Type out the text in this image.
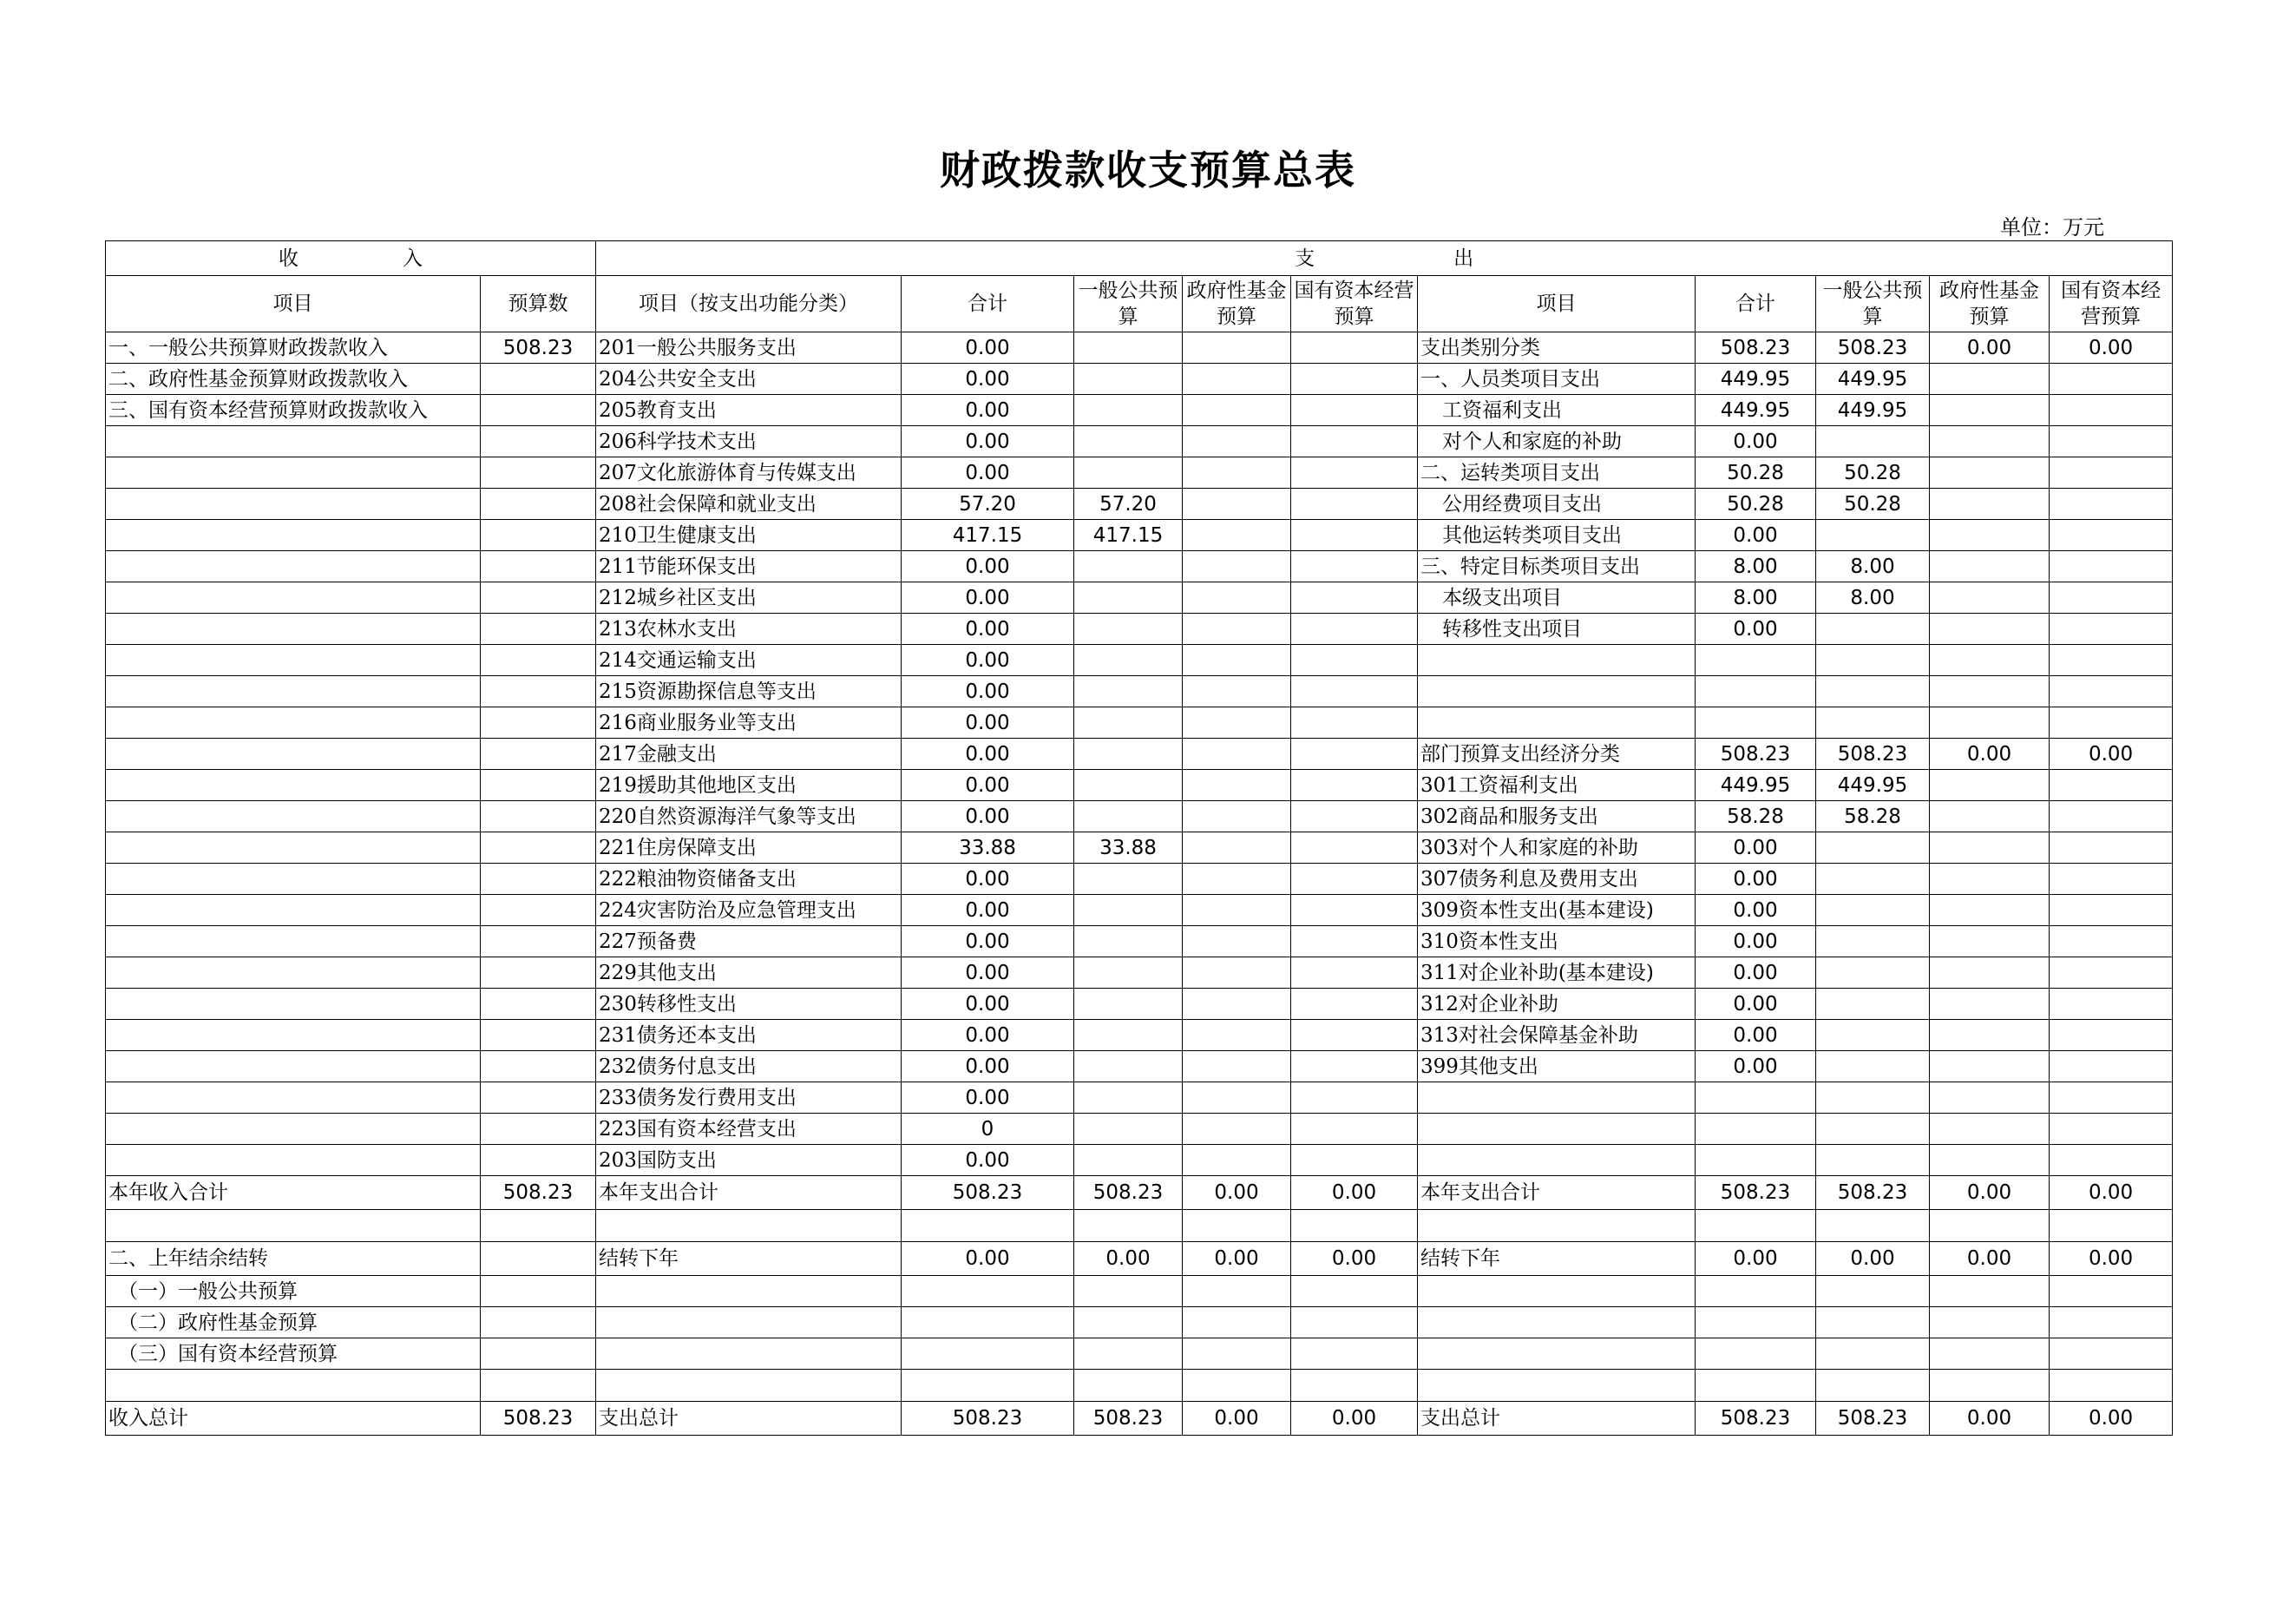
财政拨款收支预算总表
单位：万元
收 入		支 出									
项目	预算数	项目（按支出功能分类）	合计	一般公共预算	政府性基金预算	国有资本经营预算	项目	合计	一般公共预算	政府性基金预算	国有资本经营预算
一、一般公共预算财政拨款收入	508.23	201一般公共服务支出	0.00				支出类别分类	508.23	508.23	0.00	0.00
二、政府性基金预算财政拨款收入		204公共安全支出	0.00				一、人员类项目支出	449.95	449.95		
三、国有资本经营预算财政拨款收入		205教育支出	0.00				工资福利支出	449.95	449.95		
		206科学技术支出	0.00				对个人和家庭的补助	0.00			
		207文化旅游体育与传媒支出	0.00				二、运转类项目支出	50.28	50.28		
		208社会保障和就业支出	57.20	57.20			公用经费项目支出	50.28	50.28		
		210卫生健康支出	417.15	417.15			其他运转类项目支出	0.00			
		211节能环保支出	0.00				三、特定目标类项目支出	8.00	8.00		
		212城乡社区支出	0.00				本级支出项目	8.00	8.00		
		213农林水支出	0.00				转移性支出项目	0.00			
		214交通运输支出	0.00								
		215资源勘探信息等支出	0.00								
		216商业服务业等支出	0.00								
		217金融支出	0.00				部门预算支出经济分类	508.23	508.23	0.00	0.00
		219援助其他地区支出	0.00				301工资福利支出	449.95	449.95		
		220自然资源海洋气象等支出	0.00				302商品和服务支出	58.28	58.28		
		221住房保障支出	33.88	33.88			303对个人和家庭的补助	0.00			
		222粮油物资储备支出	0.00				307债务利息及费用支出	0.00			
		224灾害防治及应急管理支出	0.00				309资本性支出(基本建设)	0.00			
		227预备费	0.00				310资本性支出	0.00			
		229其他支出	0.00				311对企业补助(基本建设)	0.00			
		230转移性支出	0.00				312对企业补助	0.00			
		231债务还本支出	0.00				313对社会保障基金补助	0.00			
		232债务付息支出	0.00				399其他支出	0.00			
		233债务发行费用支出	0.00								
		223国有资本经营支出	0								
		203国防支出	0.00								
本年收入合计	508.23	本年支出合计	508.23	508.23	0.00	0.00	本年支出合计	508.23	508.23	0.00	0.00

二、上年结余结转		结转下年	0.00	0.00	0.00	0.00	结转下年	0.00	0.00	0.00	0.00
（一）一般公共预算											
（二）政府性基金预算											
（三）国有资本经营预算											

收入总计	508.23	支出总计	508.23	508.23	0.00	0.00	支出总计	508.23	508.23	0.00	0.00
